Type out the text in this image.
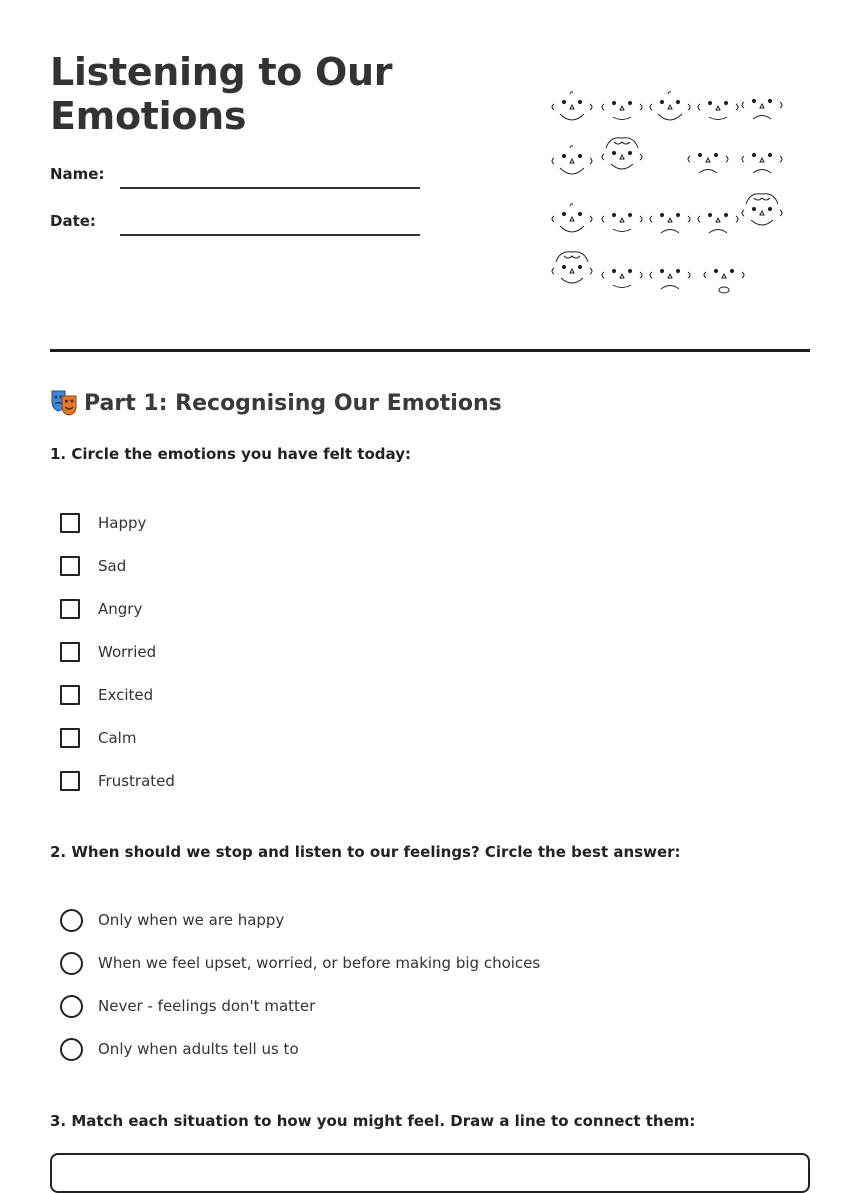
Listening to Our
Emotions
Name:
Date:
Part 1: Recognising Our Emotions

1. Circle the emotions you have felt today:

Happy
Sad
Angry
Worried
Excited
Calm
Frustrated

2. When should we stop and listen to our feelings? Circle the best answer:

Only when we are happy
When we feel upset, worried, or before making big choices
Never - feelings don't matter
Only when adults tell us to

3. Match each situation to how you might feel. Draw a line to connect them:
